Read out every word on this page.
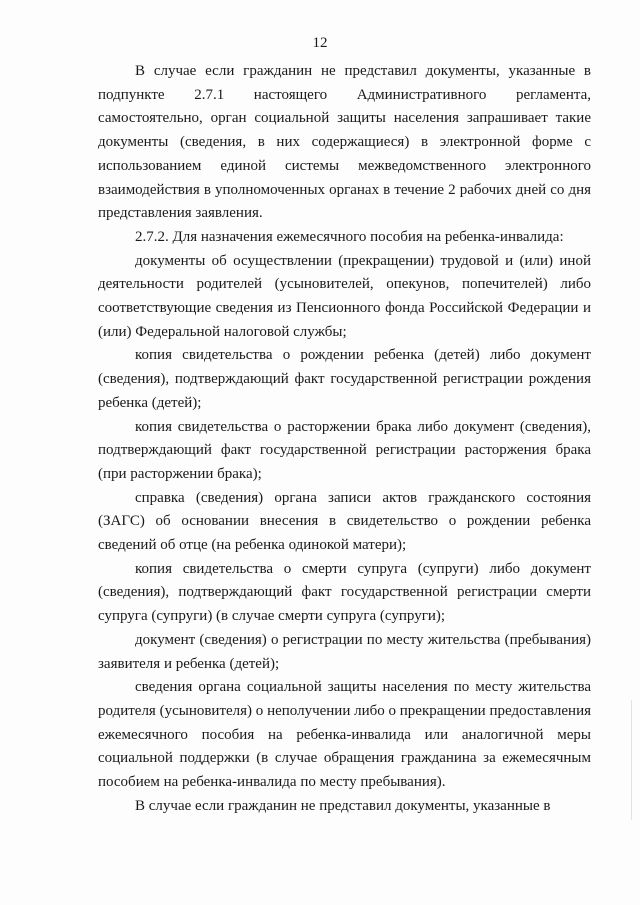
12

В случае если гражданин не представил документы, указанные в подпункте 2.7.1 настоящего Административного регламента, самостоятельно, орган социальной защиты населения запрашивает такие документы (сведения, в них содержащиеся) в электронной форме с использованием единой системы межведомственного электронного взаимодействия в уполномоченных органах в течение 2 рабочих дней со дня представления заявления.

2.7.2. Для назначения ежемесячного пособия на ребенка-инвалида:

документы об осуществлении (прекращении) трудовой и (или) иной деятельности родителей (усыновителей, опекунов, попечителей) либо соответствующие сведения из Пенсионного фонда Российской Федерации и (или) Федеральной налоговой службы;

копия свидетельства о рождении ребенка (детей) либо документ (сведения), подтверждающий факт государственной регистрации рождения ребенка (детей);

копия свидетельства о расторжении брака либо документ (сведения), подтверждающий факт государственной регистрации расторжения брака (при расторжении брака);

справка (сведения) органа записи актов гражданского состояния (ЗАГС) об основании внесения в свидетельство о рождении ребенка сведений об отце (на ребенка одинокой матери);

копия свидетельства о смерти супруга (супруги) либо документ (сведения), подтверждающий факт государственной регистрации смерти супруга (супруги) (в случае смерти супруга (супруги);

документ (сведения) о регистрации по месту жительства (пребывания) заявителя и ребенка (детей);

сведения органа социальной защиты населения по месту жительства родителя (усыновителя) о неполучении либо о прекращении предоставления ежемесячного пособия на ребенка-инвалида или аналогичной меры социальной поддержки (в случае обращения гражданина за ежемесячным пособием на ребенка-инвалида по месту пребывания).

В случае если гражданин не представил документы, указанные в
